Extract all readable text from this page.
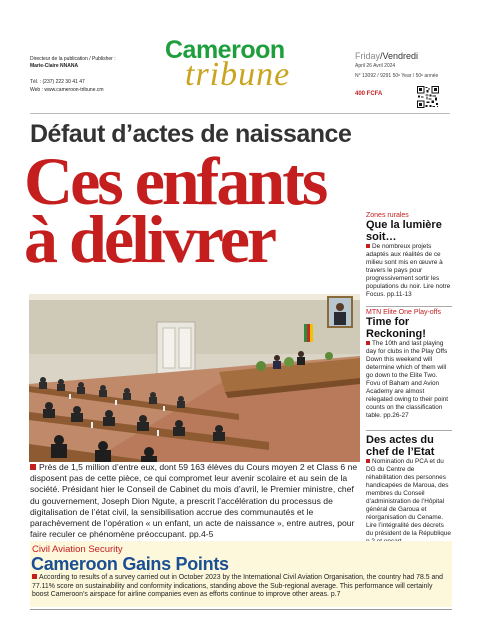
Directeur de la publication / Publisher :
Marie-Claire NNANA
Tél. : (237) 222 30 41 47
Web : www.cameroon-tribune.cm
Cameroon
tribune	Friday/Vendredi
April 26 Avril 2024
N° 13092 / 9291 50ᵉ Year / 50ᵉ année
400 FCFA
Défaut d’actes de naissance
Ces enfants
à délivrer
Près de 1,5 million d’entre eux, dont 59 163 élèves du Cours moyen 2 et Class 6 ne disposent pas de cette pièce, ce qui compromet leur avenir scolaire et au sein de la société. Présidant hier le Conseil de Cabinet du mois d’avril, le Premier ministre, chef du gouvernement, Joseph Dion Ngute, a prescrit l’accélération du processus de digitalisation de l’état civil, la sensibilisation accrue des communautés et le parachèvement de l’opération « un enfant, un acte de naissance », entre autres, pour faire reculer ce phénomène préoccupant. pp.4-5
Zones rurales
Que la lumière soit…
De nombreux projets adaptés aux réalités de ce milieu sont mis en œuvre à travers le pays pour progressivement sortir les populations du noir. Lire notre Focus. pp.11-13
MTN Elite One Play-offs
Time for Reckoning!
The 10th and last playing day for clubs in the Play Offs Down this weekend will determine which of them will go down to the Elite Two. Fovu of Baham and Avion Academy are almost relegated owing to their point counts on the classification table. pp.26-27
Des actes du chef de l’Etat
Nomination du PCA et du DG du Centre de réhabilitation des personnes handicapées de Maroua, des membres du Conseil d’administration de l’Hôpital général de Garoua et réorganisation du Cename. Lire l’intégralité des décrets du président de la République
Civil Aviation Security
Cameroon Gains Points
According to results of a survey carried out in October 2023 by the International Civil Aviation Organisation, the country had 78.5 and 77.11% score on sustainability and conformity indications, standing above the Sub-regional average. This performance will certainly boost Cameroon’s airspace for airline companies even as efforts continue to improve other areas. p.7
